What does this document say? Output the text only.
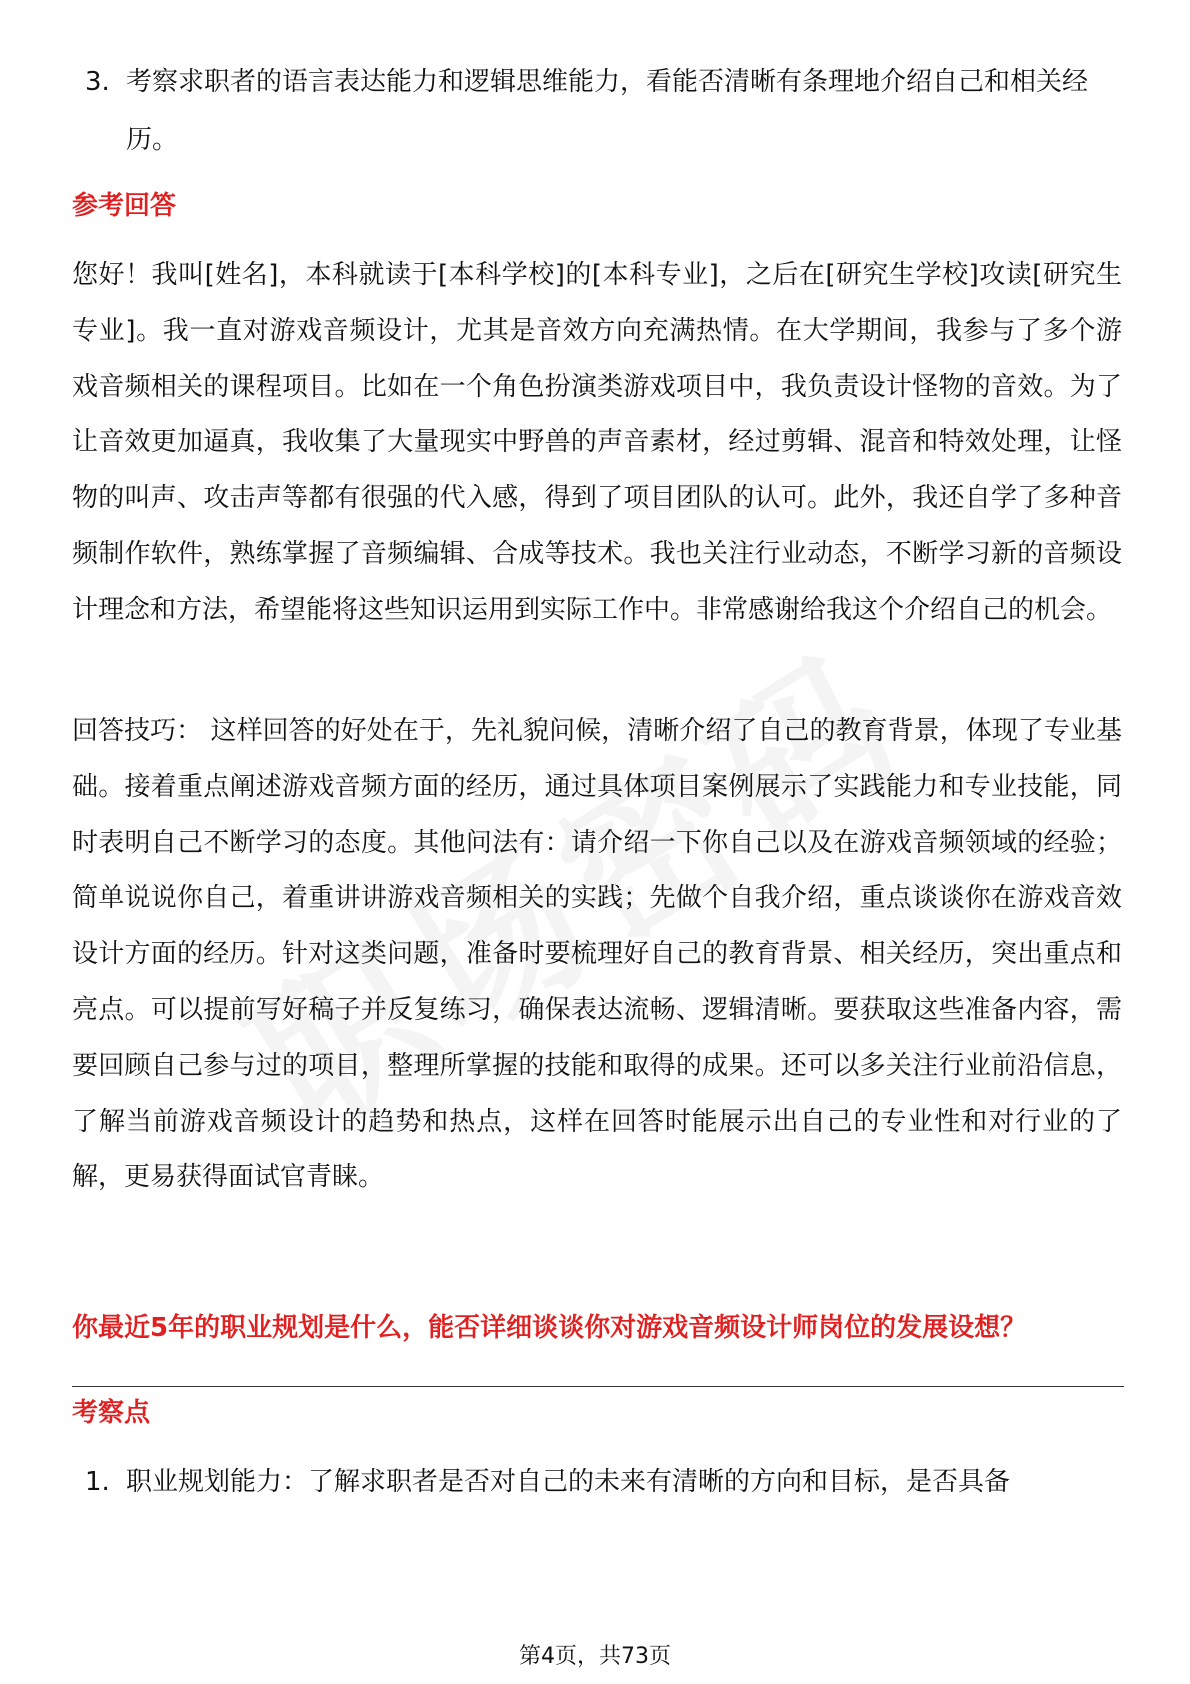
3. 考察求职者的语言表达能力和逻辑思维能力，看能否清晰有条理地介绍自己和相关经历。
参考回答
您好！我叫[姓名]，本科就读于[本科学校]的[本科专业]，之后在[研究生学校]攻读[研究生专业]。我一直对游戏音频设计，尤其是音效方向充满热情。在大学期间，我参与了多个游戏音频相关的课程项目。比如在一个角色扮演类游戏项目中，我负责设计怪物的音效。为了让音效更加逼真，我收集了大量现实中野兽的声音素材，经过剪辑、混音和特效处理，让怪物的叫声、攻击声等都有很强的代入感，得到了项目团队的认可。此外，我还自学了多种音频制作软件，熟练掌握了音频编辑、合成等技术。我也关注行业动态，不断学习新的音频设计理念和方法，希望能将这些知识运用到实际工作中。非常感谢给我这个介绍自己的机会。
回答技巧： 这样回答的好处在于，先礼貌问候，清晰介绍了自己的教育背景，体现了专业基础。接着重点阐述游戏音频方面的经历，通过具体项目案例展示了实践能力和专业技能，同时表明自己不断学习的态度。其他问法有：请介绍一下你自己以及在游戏音频领域的经验；简单说说你自己，着重讲讲游戏音频相关的实践；先做个自我介绍，重点谈谈你在游戏音效设计方面的经历。针对这类问题，准备时要梳理好自己的教育背景、相关经历，突出重点和亮点。可以提前写好稿子并反复练习，确保表达流畅、逻辑清晰。要获取这些准备内容，需要回顾自己参与过的项目，整理所掌握的技能和取得的成果。还可以多关注行业前沿信息，了解当前游戏音频设计的趋势和热点，这样在回答时能展示出自己的专业性和对行业的了解，更易获得面试官青睐。
你最近5年的职业规划是什么，能否详细谈谈你对游戏音频设计师岗位的发展设想？
考察点
1. 职业规划能力：了解求职者是否对自己的未来有清晰的方向和目标，是否具备
第4页，共73页
